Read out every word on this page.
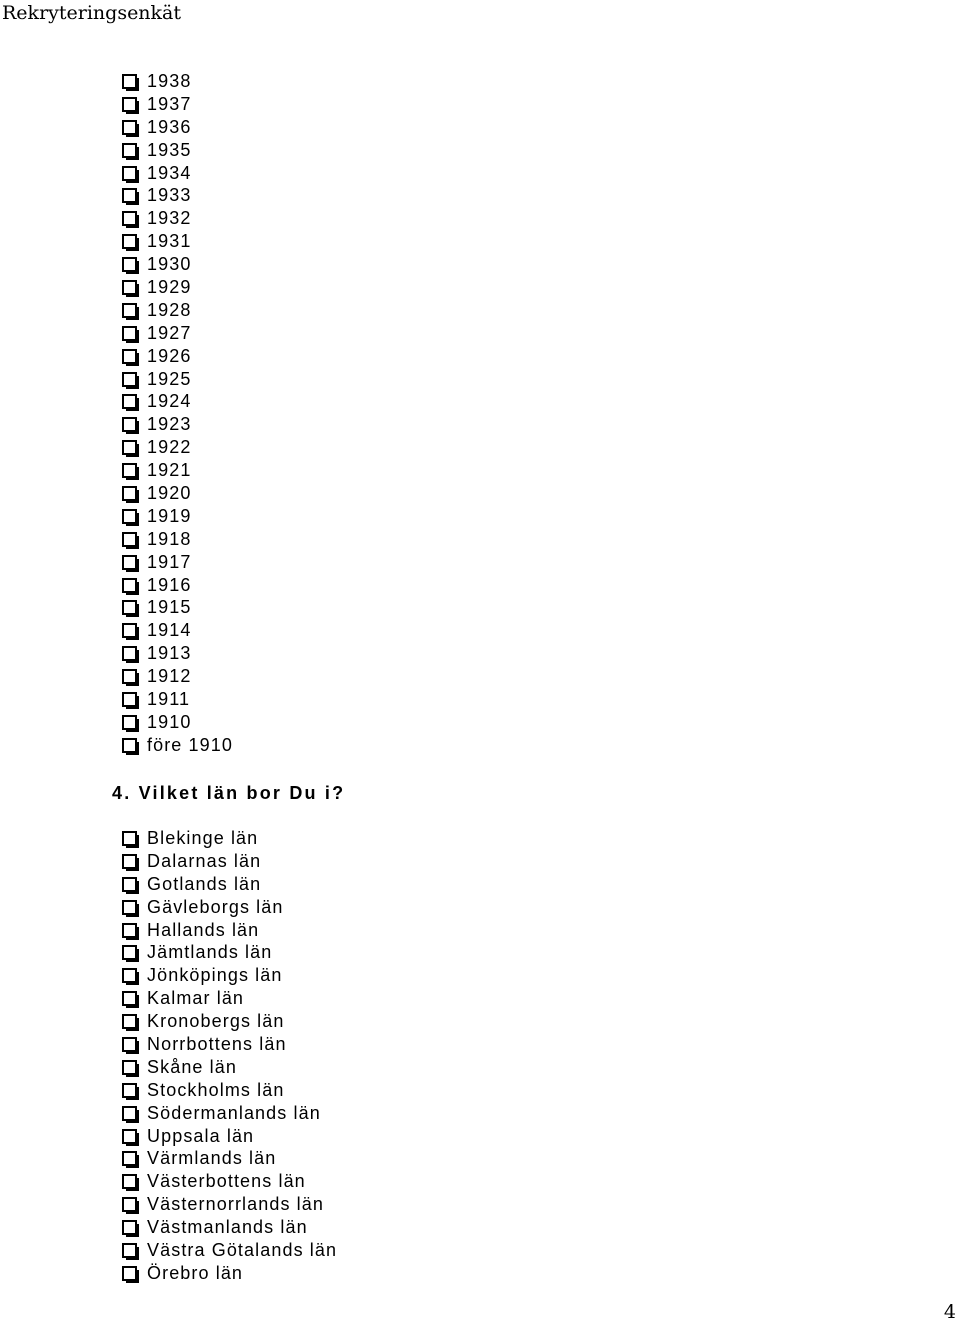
Rekryteringsenkät
1938
1937
1936
1935
1934
1933
1932
1931
1930
1929
1928
1927
1926
1925
1924
1923
1922
1921
1920
1919
1918
1917
1916
1915
1914
1913
1912
1911
1910
före 1910
4. Vilket län bor Du i?
Blekinge län
Dalarnas län
Gotlands län
Gävleborgs län
Hallands län
Jämtlands län
Jönköpings län
Kalmar län
Kronobergs län
Norrbottens län
Skåne län
Stockholms län
Södermanlands län
Uppsala län
Värmlands län
Västerbottens län
Västernorrlands län
Västmanlands län
Västra Götalands län
Örebro län
4
